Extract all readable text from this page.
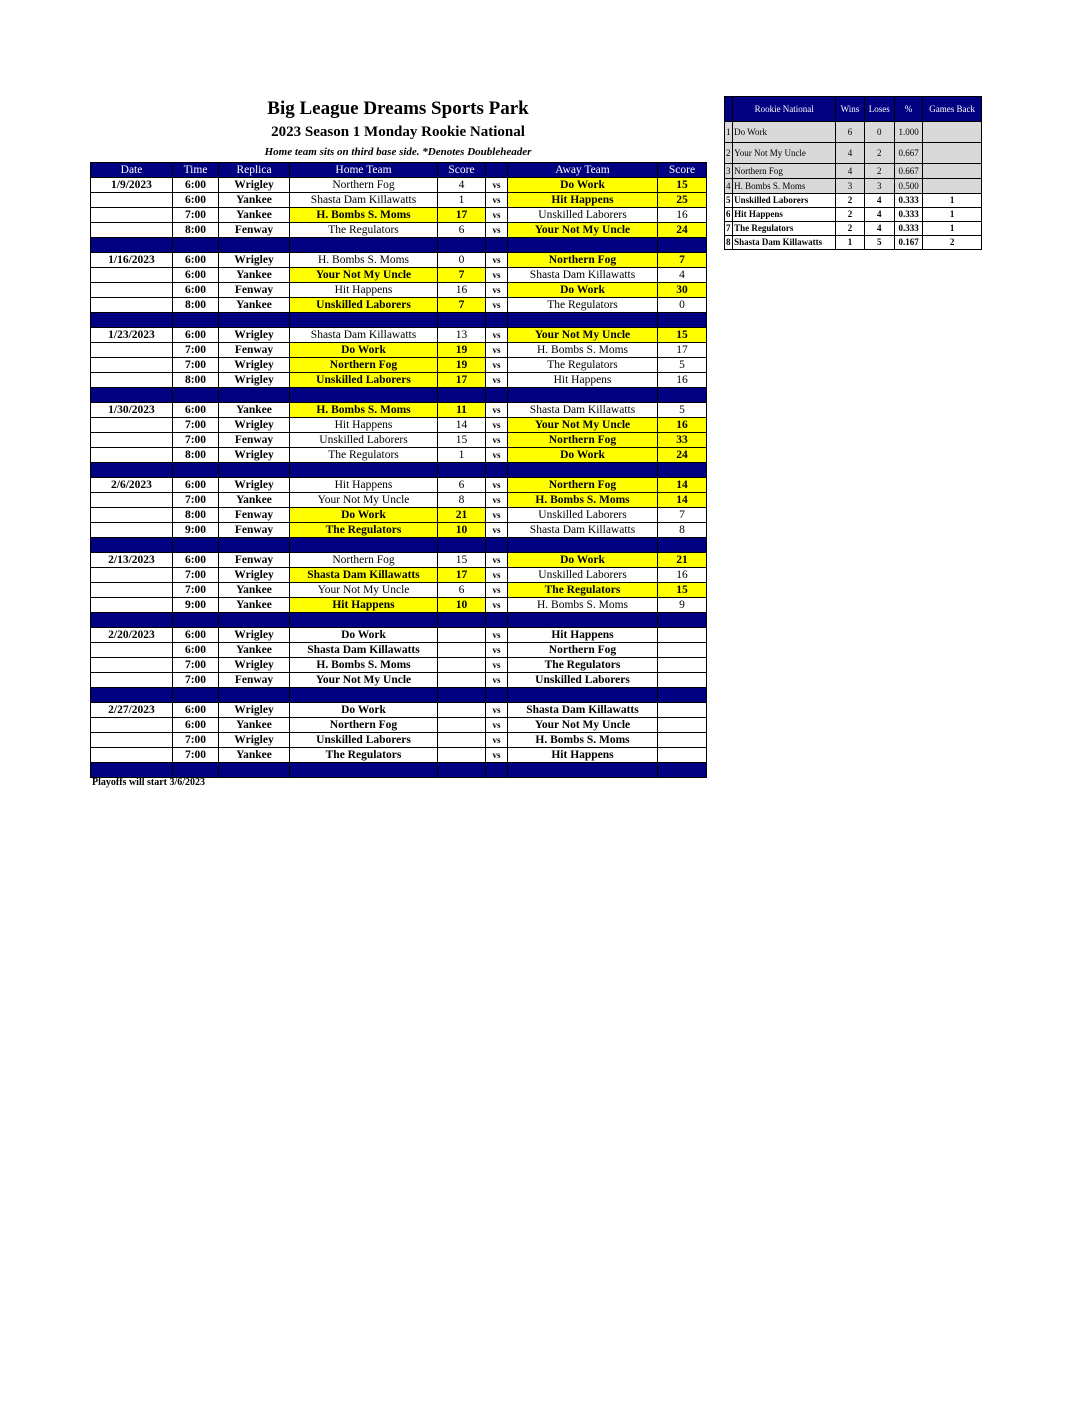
Big League Dreams Sports Park
2023 Season 1 Monday Rookie National
Home team sits on third base side. *Denotes Doubleheader
Date	Time	Replica	Home Team	Score		Away Team	Score
1/9/2023	6:00	Wrigley	Northern Fog	4	vs	Do Work	15
	6:00	Yankee	Shasta Dam Killawatts	1	vs	Hit Happens	25
	7:00	Yankee	H. Bombs S. Moms	17	vs	Unskilled Laborers	16
	8:00	Fenway	The Regulators	6	vs	Your Not My Uncle	24

1/16/2023	6:00	Wrigley	H. Bombs S. Moms	0	vs	Northern Fog	7
	6:00	Yankee	Your Not My Uncle	7	vs	Shasta Dam Killawatts	4
	6:00	Fenway	Hit Happens	16	vs	Do Work	30
	8:00	Yankee	Unskilled Laborers	7	vs	The Regulators	0

1/23/2023	6:00	Wrigley	Shasta Dam Killawatts	13	vs	Your Not My Uncle	15
	7:00	Fenway	Do Work	19	vs	H. Bombs S. Moms	17
	7:00	Wrigley	Northern Fog	19	vs	The Regulators	5
	8:00	Wrigley	Unskilled Laborers	17	vs	Hit Happens	16

1/30/2023	6:00	Yankee	H. Bombs S. Moms	11	vs	Shasta Dam Killawatts	5
	7:00	Wrigley	Hit Happens	14	vs	Your Not My Uncle	16
	7:00	Fenway	Unskilled Laborers	15	vs	Northern Fog	33
	8:00	Wrigley	The Regulators	1	vs	Do Work	24

2/6/2023	6:00	Wrigley	Hit Happens	6	vs	Northern Fog	14
	7:00	Yankee	Your Not My Uncle	8	vs	H. Bombs S. Moms	14
	8:00	Fenway	Do Work	21	vs	Unskilled Laborers	7
	9:00	Fenway	The Regulators	10	vs	Shasta Dam Killawatts	8

2/13/2023	6:00	Fenway	Northern Fog	15	vs	Do Work	21
	7:00	Wrigley	Shasta Dam Killawatts	17	vs	Unskilled Laborers	16
	7:00	Yankee	Your Not My Uncle	6	vs	The Regulators	15
	9:00	Yankee	Hit Happens	10	vs	H. Bombs S. Moms	9

2/20/2023	6:00	Wrigley	Do Work		vs	Hit Happens	
	6:00	Yankee	Shasta Dam Killawatts		vs	Northern Fog	
	7:00	Wrigley	H. Bombs S. Moms		vs	The Regulators	
	7:00	Fenway	Your Not My Uncle		vs	Unskilled Laborers	

2/27/2023	6:00	Wrigley	Do Work		vs	Shasta Dam Killawatts	
	6:00	Yankee	Northern Fog		vs	Your Not My Uncle	
	7:00	Wrigley	Unskilled Laborers		vs	H. Bombs S. Moms	
	7:00	Yankee	The Regulators		vs	Hit Happens	

Playoffs will start 3/6/2023
	Rookie National	Wins	Loses	%	Games Back
1	Do Work	6	0	1.000	
2	Your Not My Uncle	4	2	0.667	
3	Northern Fog	4	2	0.667	
4	H. Bombs S. Moms	3	3	0.500	
5	Unskilled Laborers	2	4	0.333	1
6	Hit Happens	2	4	0.333	1
7	The Regulators	2	4	0.333	1
8	Shasta Dam Killawatts	1	5	0.167	2
